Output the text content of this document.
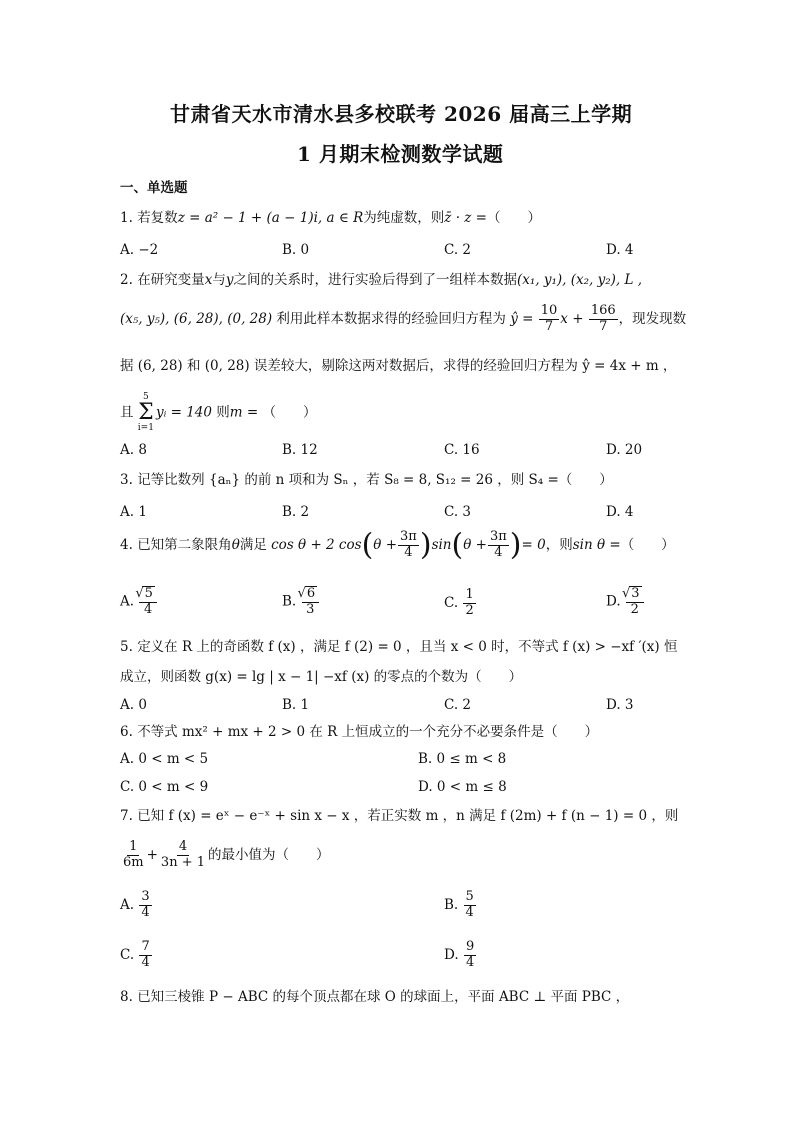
甘肃省天水市清水县多校联考 2026 届高三上学期
1 月期末检测数学试题
一、单选题
1. 若复数z = a² − 1 + (a − 1)i, a ∈ R为纯虚数，则z̄ · z =（　　）
A. −2	B. 0	C. 2	D. 4
2. 在研究变量x与y之间的关系时，进行实验后得到了一组样本数据(x₁, y₁), (x₂, y₂), L ,
(x₅, y₅), (6, 28), (0, 28) 利用此样本数据求得的经验回归方程为 ŷ = $\frac{10}{7}$ $x + \frac{166}{7}$ ，现发现数
据 (6, 28) 和 (0, 28) 误差较大，剔除这两对数据后，求得的经验回归方程为 ŷ = 4x + m ，
且
5
Σ
i=1
yᵢ = 140 则m = （　　）
A. 8	B. 12	C. 16	D. 20
3. 记等比数列 {aₙ} 的前 n 项和为 Sₙ ，若 S₈ = 8, S₁₂ = 26 ，则 S₄ =（　　）
A. 1	B. 2	C. 3	D. 4
4. 已知第二象限角θ满足 cos θ + 2 $\cos(\theta + \frac{3\pi}{4} )\sin(\theta + \frac{3\pi}{4}$ )= 0，则sin θ =（　　）
A. √ $\frac{5}{4}$	B. √ $\frac{6}{3}$	C. $\frac{1}{2}$	D. √ $\frac{3}{2}$
5. 定义在 R 上的奇函数 f (x) ，满足 f (2) = 0 ，且当 x < 0 时，不等式 f (x) > −xf ′(x) 恒
成立，则函数 g(x) = lg | x − 1| −xf (x) 的零点的个数为（　　）
A. 0	B. 1	C. 2	D. 3
6. 不等式 mx² + mx + 2 > 0 在 R 上恒成立的一个充分不必要条件是（　　）
A. 0 < m < 5	B. 0 ≤ m < 8
C. 0 < m < 9	D. 0 < m ≤ 8
7. 已知 f (x) = eˣ − e⁻ˣ + sin x − x ，若正实数 m ，n 满足 f (2m) + f (n − 1) = 0 ，则
$\frac{1}{6m} + \frac{4}{3n + 1}$ 的最小值为（　　）
A. $\frac{3}{4}$	B. $\frac{5}{4}$
C. $\frac{7}{4}$	D. $\frac{9}{4}$
8. 已知三棱锥 P − ABC 的每个顶点都在球 O 的球面上，平面 ABC ⊥ 平面 PBC ，
